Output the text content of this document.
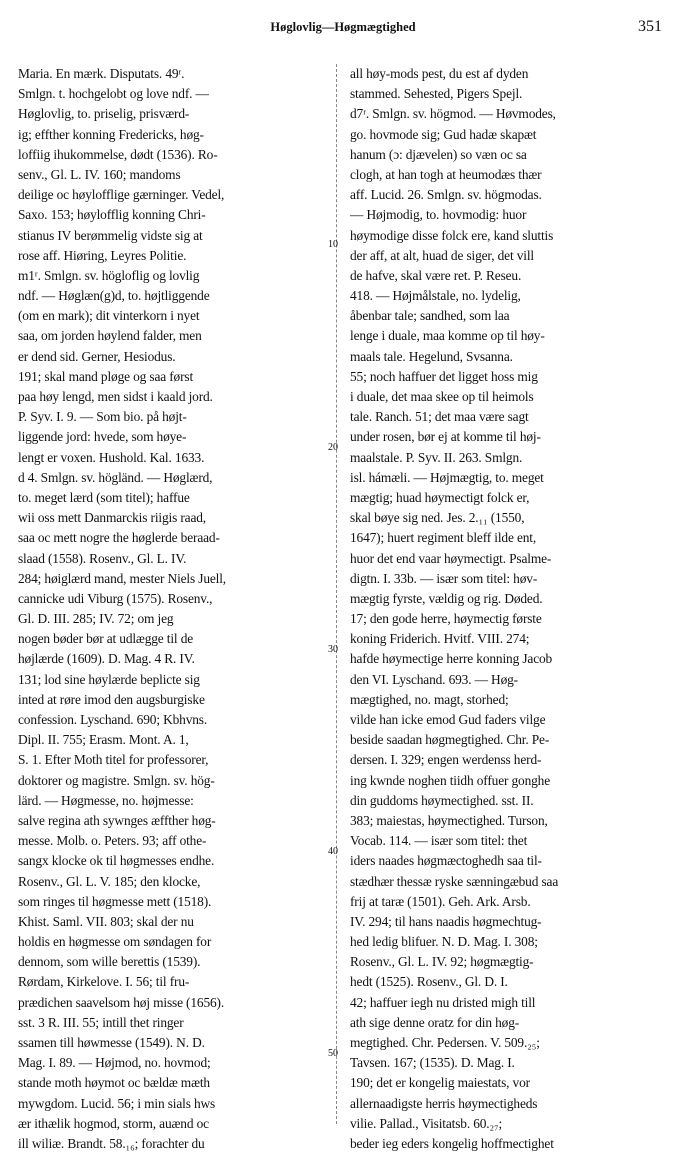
Høglovlig—Høgmægtighed	351
Maria. En mærk. Disputats. 49ʳ.
Smlgn. t. hochgelobt og love ndf. —
Høglovlig, to. priselig, prisværd-
ig; effther konning Fredericks, høg-
loffiig ihukommelse, dødt (1536). Ro-
senv., Gl. L. IV. 160; mandoms
deilige oc høylofflige gærninger. Vedel,
Saxo. 153; høylofflig konning Chri-
stianus IV berømmelig vidste sig at
rose aff. Hiøring, Leyres Politie.
m1ʳ. Smlgn. sv. högloflig og lovlig
ndf. — Høglæn(g)d, to. højtliggende
(om en mark); dit vinterkorn i nyet
saa, om jorden høylend falder, men
er dend sid. Gerner, Hesiodus.
191; skal mand pløge og saa først
paa høy lengd, men sidst i kaald jord.
P. Syv. I. 9. — Som bio. på højt-
liggende jord: hvede, som høye-
lengt er voxen. Hushold. Kal. 1633.
d 4. Smlgn. sv. högländ. — Høglærd,
to. meget lærd (som titel); haffue
wii oss mett Danmarckis riigis raad,
saa oc mett nogre the høglerde beraad-
slaad (1558). Rosenv., Gl. L. IV.
284; høiglærd mand, mester Niels Juell,
cannicke udi Viburg (1575). Rosenv.,
Gl. D. III. 285; IV. 72; om jeg
nogen bøder bør at udlægge til de
højlærde (1609). D. Mag. 4 R. IV.
131; lod sine høylærde beplicte sig
inted at røre imod den augsburgiske
confession. Lyschand. 690; Kbhvns.
Dipl. II. 755; Erasm. Mont. A. 1,
S. 1. Efter Moth titel for professorer,
doktorer og magistre. Smlgn. sv. hög-
lärd. — Høgmesse, no. højmesse:
salve regina ath sywnges æffther høg-
messe. Molb. o. Peters. 93; aff othe-
sangx klocke ok til høgmesses endhe.
Rosenv., Gl. L. V. 185; den klocke,
som ringes til høgmesse mett (1518).
Khist. Saml. VII. 803; skal der nu
holdis en høgmesse om søndagen for
dennom, som wille berettis (1539).
Rørdam, Kirkelove. I. 56; til fru-
prædichen saavelsom høj misse (1656).
sst. 3 R. III. 55; intill thet ringer
ssamen till høwmesse (1549). N. D.
Mag. I. 89. — Højmod, no. hovmod;
stande moth høymot oc bældæ mæth
mywgdom. Lucid. 56; i min sials hws
ær ithælik hogmod, storm, auænd oc
ill wiliæ. Brandt. 58.₁₆; forachter du
all høy-mods pest, du est af dyden
stammed. Sehested, Pigers Spejl.
d7ʳ. Smlgn. sv. högmod. — Høvmodes,
go. hovmode sig; Gud hadæ skapæt
hanum (ɔ: djævelen) so væn oc sa
clogh, at han togh at heumodæs thær
aff. Lucid. 26. Smlgn. sv. högmodas.
— Højmodig, to. hovmodig: huor
høymodige disse folck ere, kand sluttis
der aff, at alt, huad de siger, det vill
de hafve, skal være ret. P. Reseu.
418. — Højmålstale, no. lydelig,
åbenbar tale; sandhed, som laa
lenge i duale, maa komme op til høy-
maals tale. Hegelund, Svsanna.
55; noch haffuer det ligget hoss mig
i duale, det maa skee op til heimols
tale. Ranch. 51; det maa være sagt
under rosen, bør ej at komme til høj-
maalstale. P. Syv. II. 263. Smlgn.
isl. hámæli. — Højmægtig, to. meget
mægtig; huad høymectigt folck er,
skal bøye sig ned. Jes. 2.₁₁ (1550,
1647); huert regiment bleff ilde ent,
huor det end vaar høymectigt. Psalme-
digtn. I. 33b. — især som titel: høv-
mægtig fyrste, vældig og rig. Døded.
17; den gode herre, høymectig første
koning Friderich. Hvitf. VIII. 274;
hafde høymectige herre konning Jacob
den VI. Lyschand. 693. — Høg-
mægtighed, no. magt, storhed;
vilde han icke emod Gud faders vilge
beside saadan høgmegtighed. Chr. Pe-
dersen. I. 329; engen werdenss herd-
ing kwnde noghen tiidh offuer gonghe
din guddoms høymectighed. sst. II.
383; maiestas, høymectighed. Turson,
Vocab. 114. — især som titel: thet
iders naades høgmæctoghedh saa til-
stædhær thessæ ryske sænningæbud saa
frij at taræ (1501). Geh. Ark. Arsb.
IV. 294; til hans naadis høgmechtug-
hed ledig blifuer. N. D. Mag. I. 308;
Rosenv., Gl. L. IV. 92; høgmægtig-
hedt (1525). Rosenv., Gl. D. I.
42; haffuer iegh nu dristed migh till
ath sige denne oratz for din høg-
megtighed. Chr. Pedersen. V. 509.₂₅;
Tavsen. 167; (1535). D. Mag. I.
190; det er kongelig maiestats, vor
allernaadigste herris høymectigheds
vilie. Pallad., Visitatsb. 60.₂₇;
beder ieg eders kongelig hoffmectighet
10
20
30
40
50
